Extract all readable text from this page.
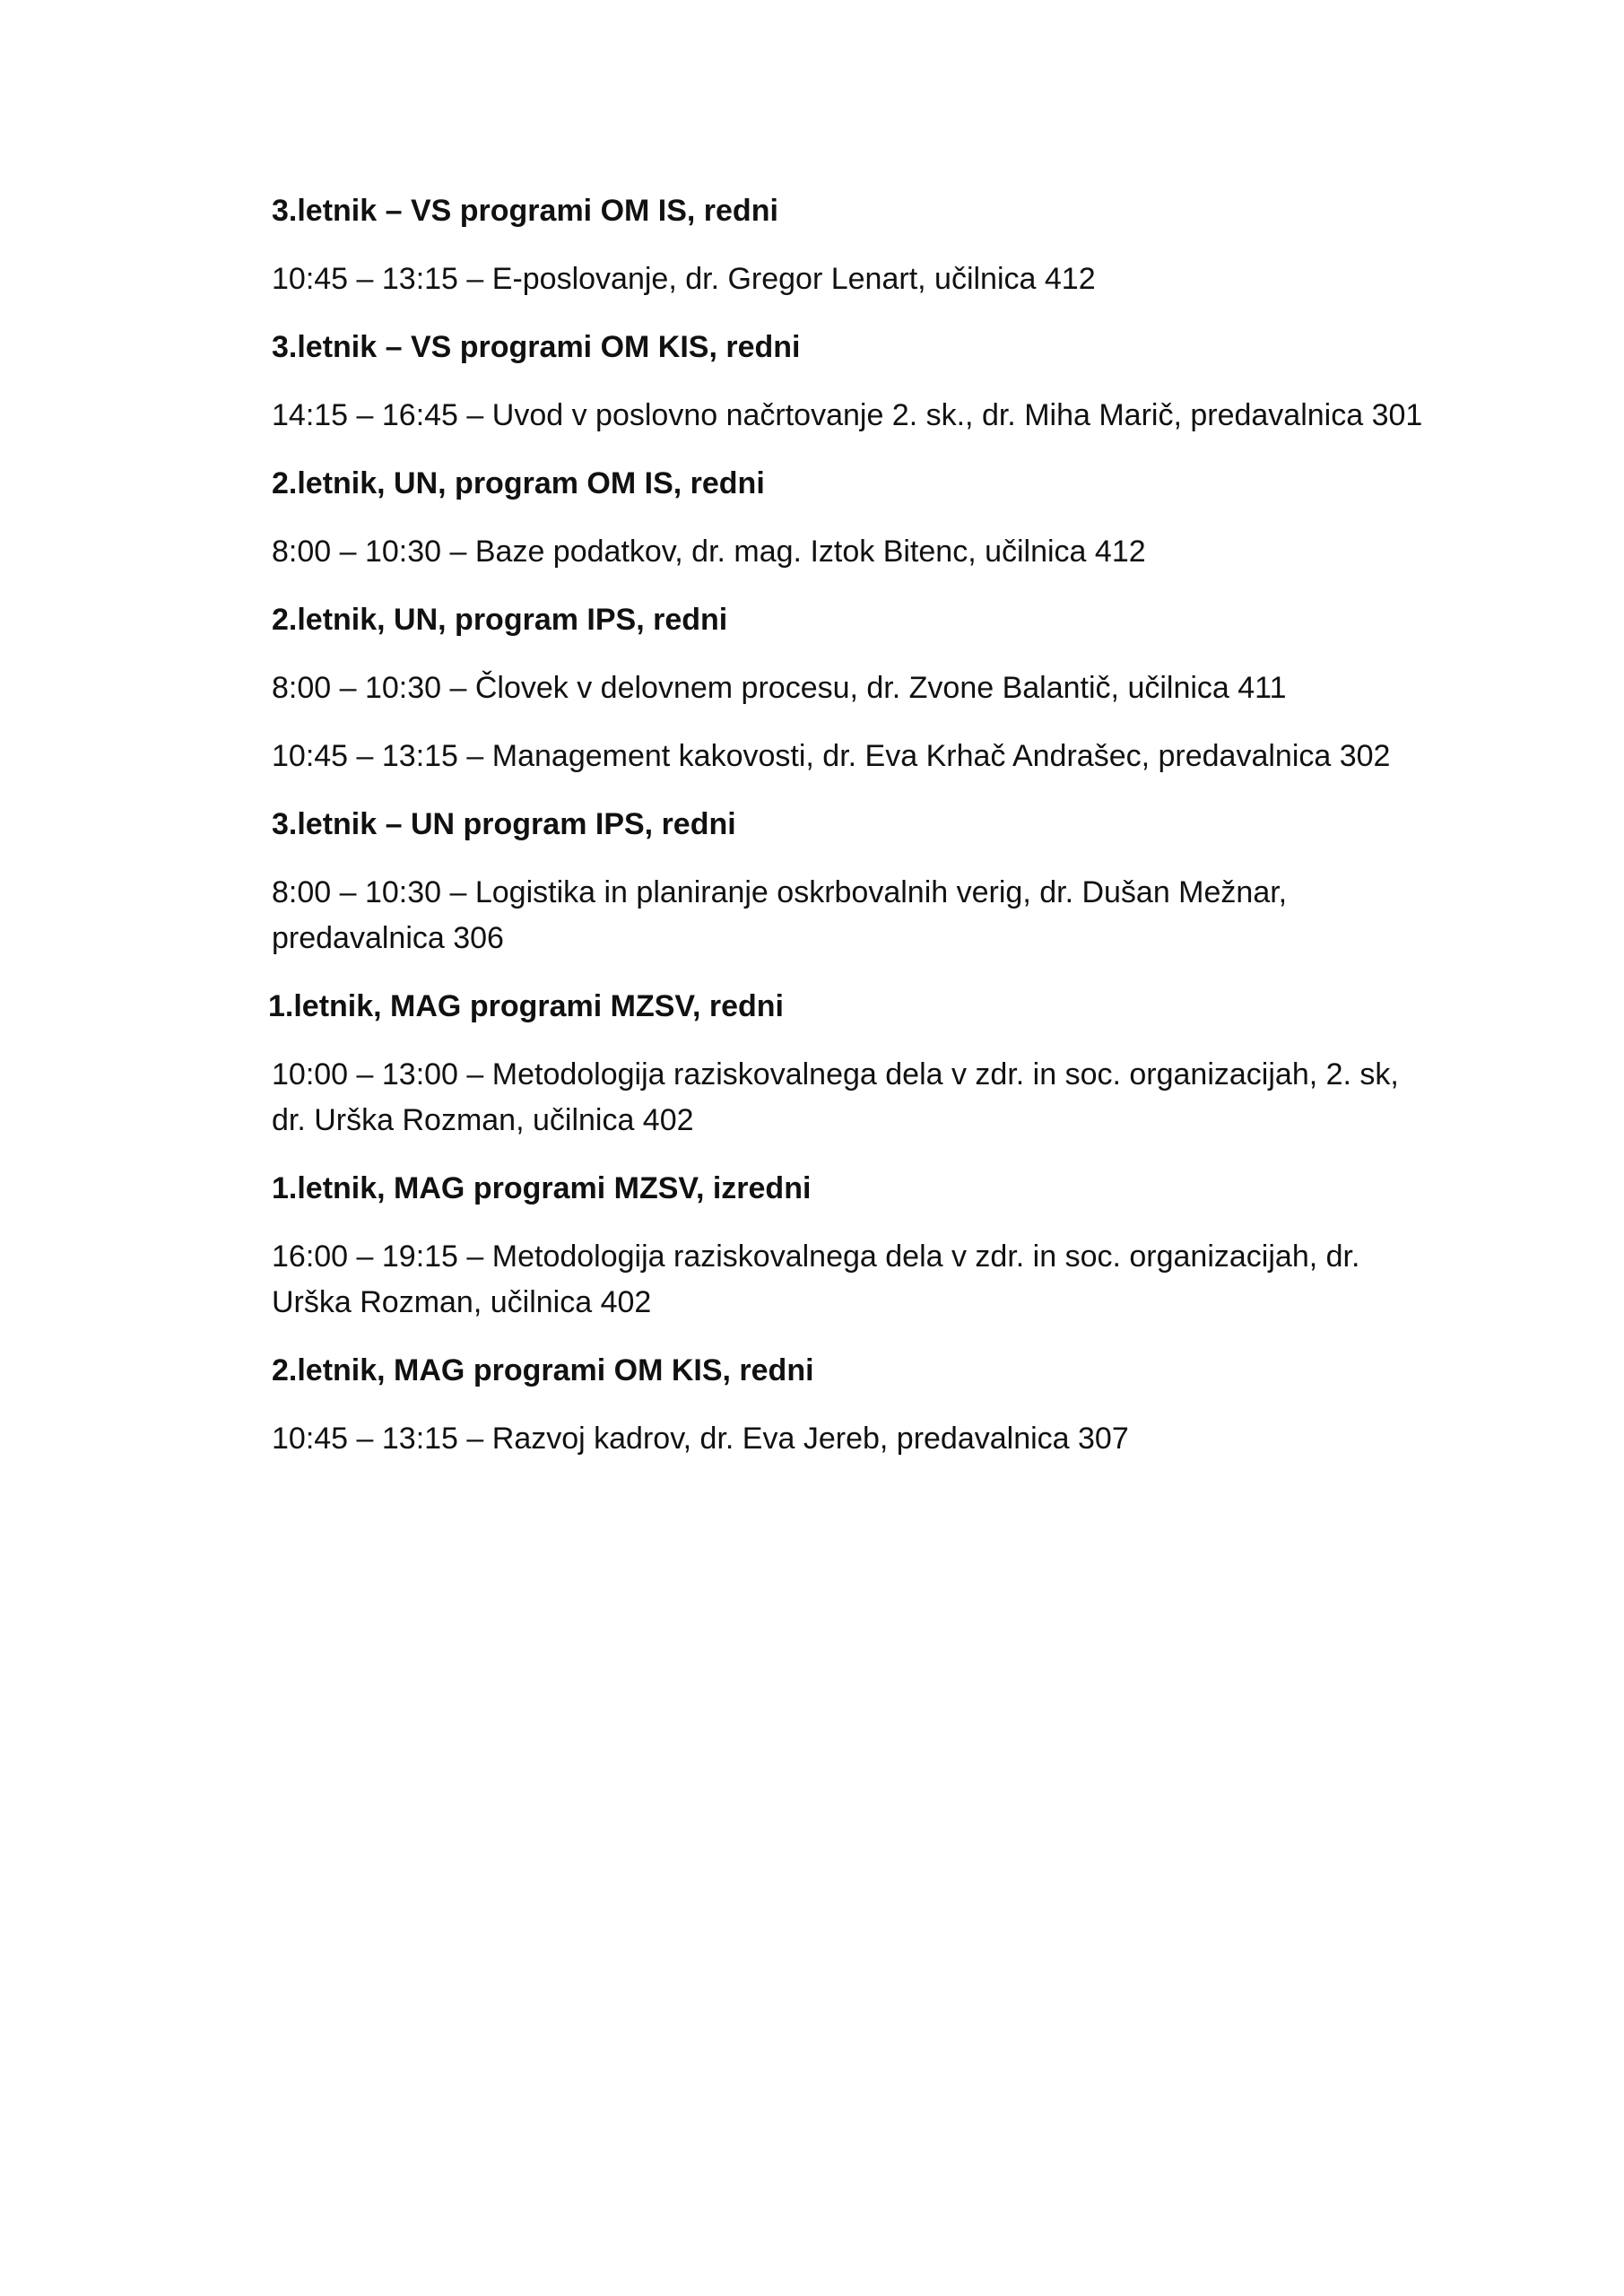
3.letnik – VS programi OM IS, redni
10:45 – 13:15 – E-poslovanje, dr. Gregor Lenart, učilnica 412
3.letnik – VS programi OM KIS, redni
14:15 – 16:45 – Uvod v poslovno načrtovanje 2. sk., dr. Miha Marič, predavalnica 301
2.letnik, UN, program OM IS, redni
8:00 – 10:30 – Baze podatkov, dr. mag. Iztok Bitenc, učilnica 412
2.letnik, UN, program IPS, redni
8:00 – 10:30 – Človek v delovnem procesu, dr. Zvone Balantič, učilnica 411
10:45 – 13:15 – Management kakovosti, dr. Eva Krhač Andrašec, predavalnica 302
3.letnik – UN program IPS, redni
8:00 – 10:30 – Logistika in planiranje oskrbovalnih verig, dr. Dušan Mežnar, predavalnica 306
1.letnik, MAG programi MZSV, redni
10:00 – 13:00 – Metodologija raziskovalnega dela v zdr. in soc. organizacijah, 2. sk, dr. Urška Rozman, učilnica 402
1.letnik, MAG programi MZSV, izredni
16:00 – 19:15 – Metodologija raziskovalnega dela v zdr. in soc. organizacijah, dr. Urška Rozman, učilnica 402
2.letnik, MAG programi OM KIS, redni
10:45 – 13:15 – Razvoj kadrov, dr. Eva Jereb, predavalnica 307
